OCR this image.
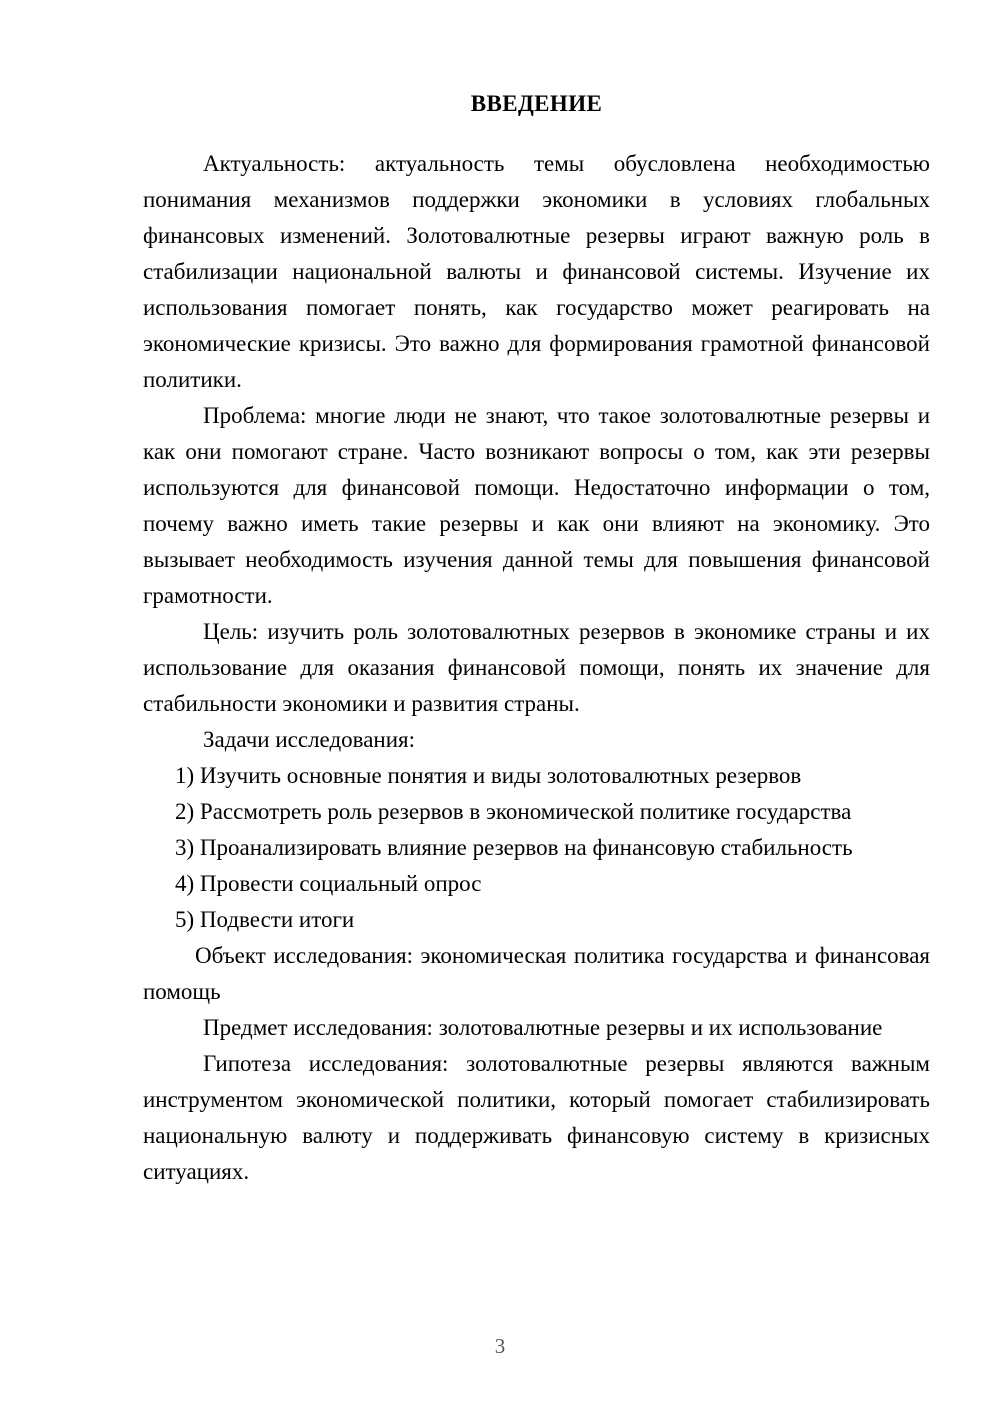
ВВЕДЕНИЕ

Актуальность: актуальность темы обусловлена необходимостью понимания механизмов поддержки экономики в условиях глобальных финансовых изменений. Золотовалютные резервы играют важную роль в стабилизации национальной валюты и финансовой системы. Изучение их использования помогает понять, как государство может реагировать на экономические кризисы. Это важно для формирования грамотной финансовой политики.

Проблема: многие люди не знают, что такое золотовалютные резервы и как они помогают стране. Часто возникают вопросы о том, как эти резервы используются для финансовой помощи. Недостаточно информации о том, почему важно иметь такие резервы и как они влияют на экономику. Это вызывает необходимость изучения данной темы для повышения финансовой грамотности.

Цель: изучить роль золотовалютных резервов в экономике страны и их использование для оказания финансовой помощи, понять их значение для стабильности экономики и развития страны.

Задачи исследования:

1) Изучить основные понятия и виды золотовалютных резервов
2) Рассмотреть роль резервов в экономической политике государства
3) Проанализировать влияние резервов на финансовую стабильность
4) Провести социальный опрос
5) Подвести итоги

Объект исследования: экономическая политика государства и финансовая помощь

Предмет исследования: золотовалютные резервы и их использование

Гипотеза исследования: золотовалютные резервы являются важным инструментом экономической политики, который помогает стабилизировать национальную валюту и поддерживать финансовую систему в кризисных ситуациях.

3
